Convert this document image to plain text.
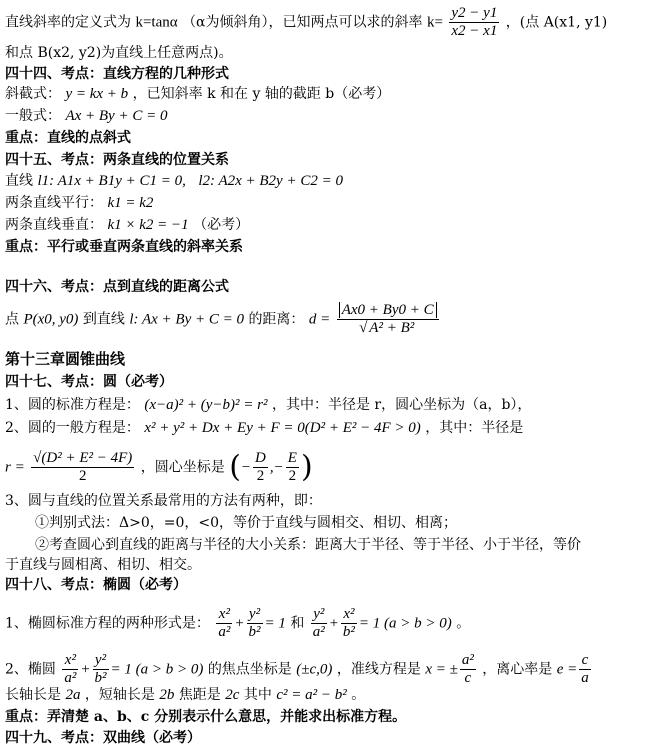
直线斜率的定义式为 k=tanα （α为倾斜角），已知两点可以求的斜率 $k= \frac{y2 - y1}{x2 - x1}$ ，(点 A(x1, y1)
和点 B(x2, y2)为直线上任意两点)。
四十四、考点：直线方程的几种形式
斜截式： y = kx + b ，已知斜率 k 和在 y 轴的截距 b（必考）
一般式： Ax + By + C = 0
重点：直线的点斜式
四十五、考点：两条直线的位置关系
直线 l1: A1x + B1y + C1 = 0, l2: A2x + B2y + C2 = 0
两条直线平行： k1 = k2
两条直线垂直： k1 × k2 = −1 （必考）
重点：平行或垂直两条直线的斜率关系
四十六、考点：点到直线的距离公式
点 P(x0, y0) 到直线 l: Ax + By + C = 0 的距离： $d = \frac{Ax0 + By0 + C}{\text{√ A² + B²}}$
第十三章圆锥曲线
四十七、考点：圆（必考）
1、圆的标准方程是： (x−a)² + (y−b)² = r² ，其中：半径是 r，圆心坐标为（a，b），
2、圆的一般方程是： x² + y² + Dx + Ey + F = 0(D² + E² − 4F > 0) ，其中：半径是
$r = \frac{\text{√(D² + E² − 4F)}}{2}$ ，圆心坐标是 (− $\frac{D}{2}$ ,− $\frac{E}{2}$ )
3、圆与直线的位置关系最常用的方法有两种，即：
①判别式法：Δ>0，=0，<0，等价于直线与圆相交、相切、相离；
②考查圆心到直线的距离与半径的大小关系：距离大于半径、等于半径、小于半径，等价
于直线与圆相离、相切、相交。
四十八、考点：椭圆（必考）
1、椭圆标准方程的两种形式是： $\frac{\text{x²}}{\text{a²}} + \frac{\text{y²}}{\text{b²}} = 1$ 和 $\frac{\text{y²}}{\text{a²}} + \frac{\text{x²}}{\text{b²}} = 1$ (a > b > 0) 。
2、椭圆 $\frac{\text{x²}}{\text{a²}} + \frac{\text{y²}}{\text{b²}} = 1$ (a > b > 0) 的焦点坐标是 (±c,0) ，准线方程是 x = ± $\frac{\text{a²}}{c}$ ，离心率是 $e = \frac{c}{a}$
长轴长是 2a ，短轴长是 2b 焦距是 2c 其中 c² = a² − b² 。
重点：弄清楚 a、b、c 分别表示什么意思，并能求出标准方程。
四十九、考点：双曲线（必考）
